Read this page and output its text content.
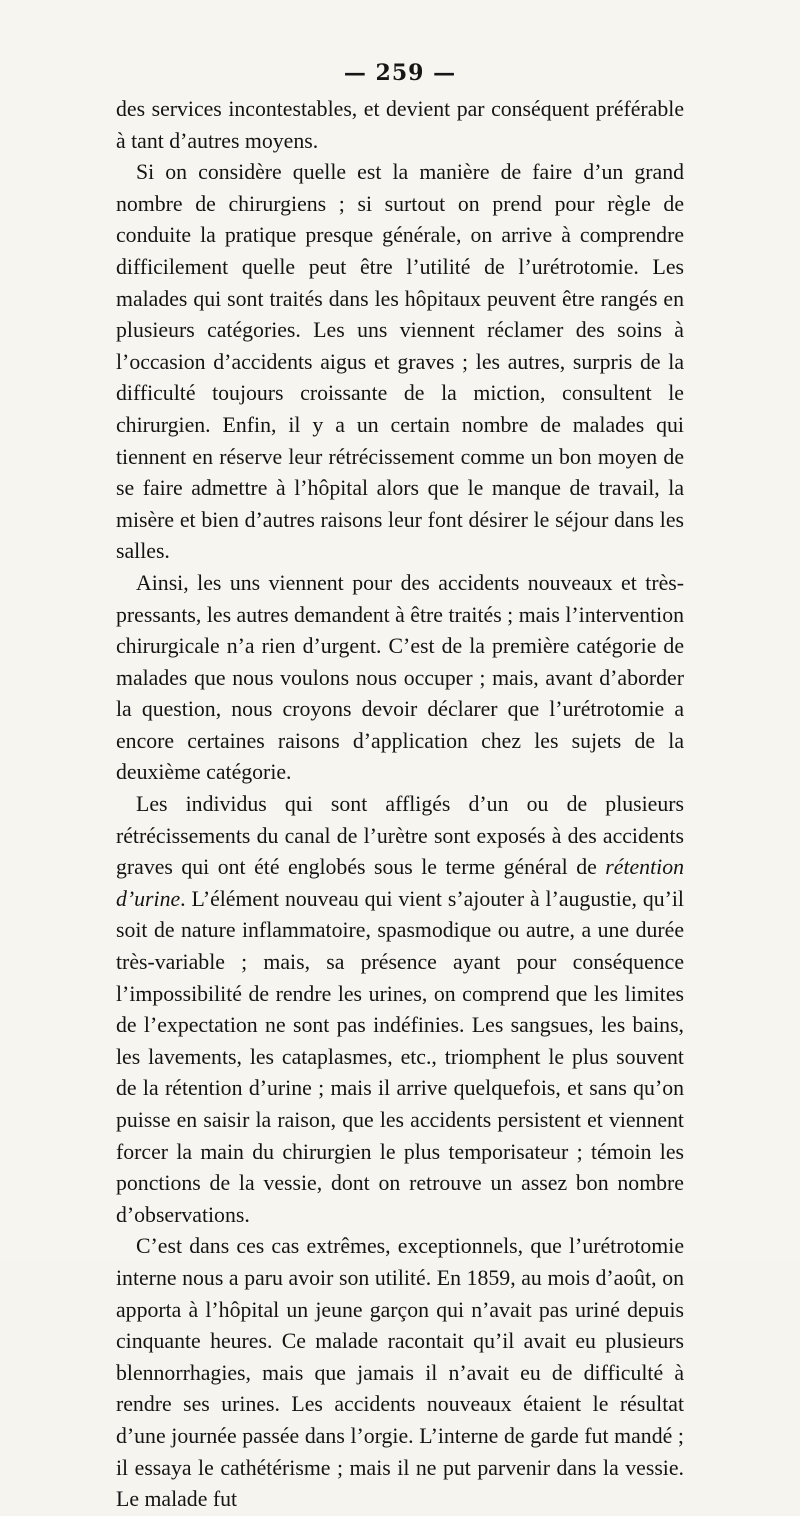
— 259 —

des services incontestables, et devient par conséquent préférable à tant d’autres moyens.

Si on considère quelle est la manière de faire d’un grand nombre de chirurgiens ; si surtout on prend pour règle de conduite la pratique presque générale, on arrive à comprendre difficilement quelle peut être l’utilité de l’urétrotomie. Les malades qui sont traités dans les hôpitaux peuvent être rangés en plusieurs catégories. Les uns viennent réclamer des soins à l’occasion d’accidents aigus et graves ; les autres, surpris de la difficulté toujours croissante de la miction, consultent le chirurgien. Enfin, il y a un certain nombre de malades qui tiennent en réserve leur rétrécissement comme un bon moyen de se faire admettre à l’hôpital alors que le manque de travail, la misère et bien d’autres raisons leur font désirer le séjour dans les salles.

Ainsi, les uns viennent pour des accidents nouveaux et très-pressants, les autres demandent à être traités ; mais l’intervention chirurgicale n’a rien d’urgent. C’est de la première catégorie de malades que nous voulons nous occuper ; mais, avant d’aborder la question, nous croyons devoir déclarer que l’urétrotomie a encore certaines raisons d’application chez les sujets de la deuxième catégorie.

Les individus qui sont affligés d’un ou de plusieurs rétrécissements du canal de l’urètre sont exposés à des accidents graves qui ont été englobés sous le terme général de rétention d’urine. L’élément nouveau qui vient s’ajouter à l’augustie, qu’il soit de nature inflammatoire, spasmodique ou autre, a une durée très-variable ; mais, sa présence ayant pour conséquence l’impossibilité de rendre les urines, on comprend que les limites de l’expectation ne sont pas indéfinies. Les sangsues, les bains, les lavements, les cataplasmes, etc., triomphent le plus souvent de la rétention d’urine ; mais il arrive quelquefois, et sans qu’on puisse en saisir la raison, que les accidents persistent et viennent forcer la main du chirurgien le plus temporisateur ; témoin les ponctions de la vessie, dont on retrouve un assez bon nombre d’observations.

C’est dans ces cas extrêmes, exceptionnels, que l’urétrotomie interne nous a paru avoir son utilité. En 1859, au mois d’août, on apporta à l’hôpital un jeune garçon qui n’avait pas uriné depuis cinquante heures. Ce malade racontait qu’il avait eu plusieurs blennorrhagies, mais que jamais il n’avait eu de difficulté à rendre ses urines. Les accidents nouveaux étaient le résultat d’une journée passée dans l’orgie. L’interne de garde fut mandé ; il essaya le cathétérisme ; mais il ne put parvenir dans la vessie. Le malade fut
